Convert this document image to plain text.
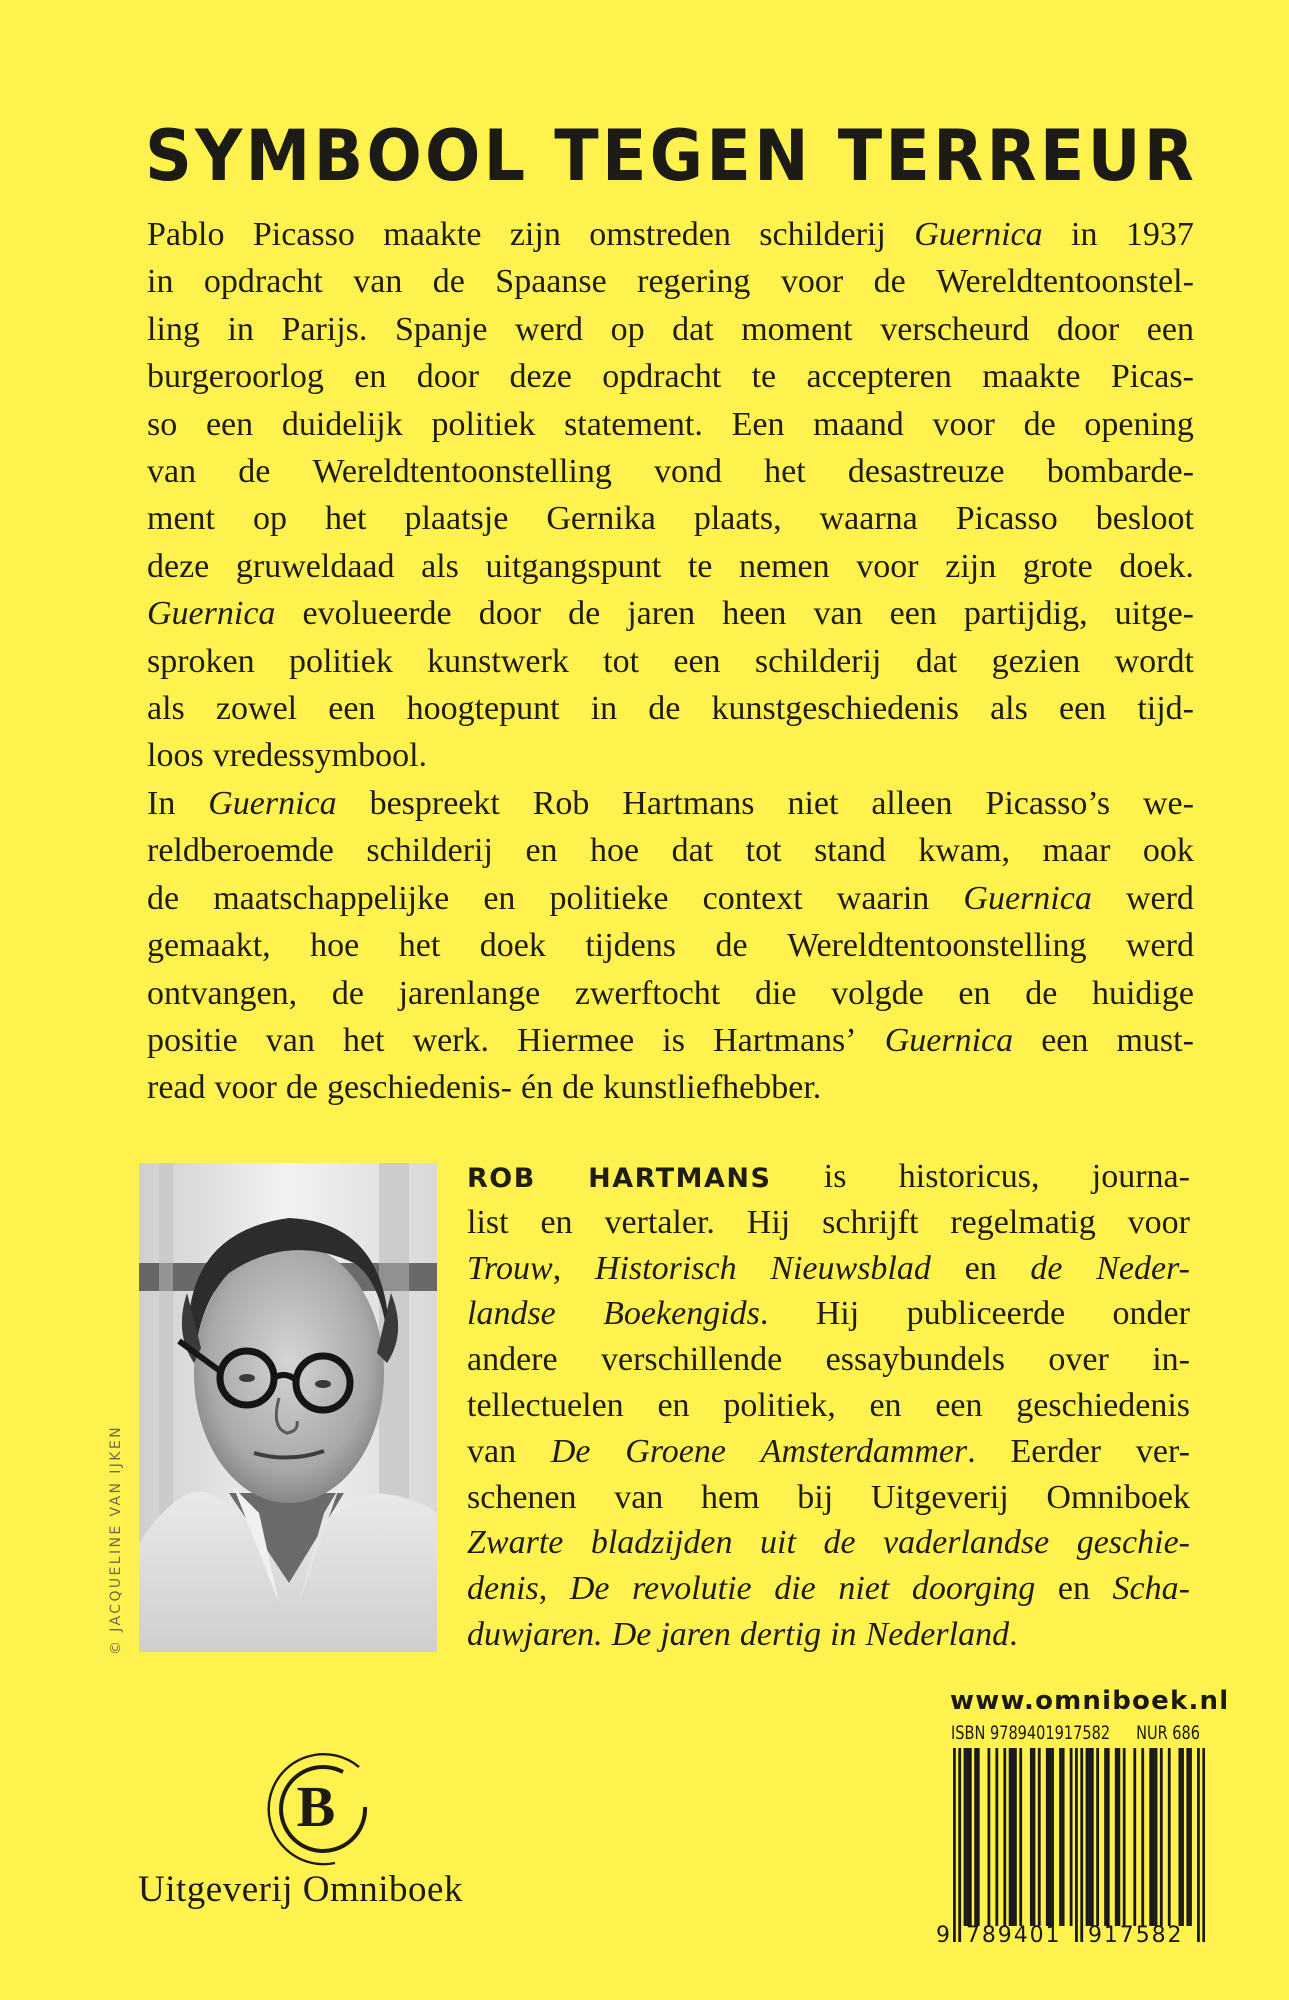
SYMBOOL TEGEN TERREUR
Pablo Picasso maakte zijn omstreden schilderij Guernica in 1937
in opdracht van de Spaanse regering voor de Wereldtentoonstel-
ling in Parijs. Spanje werd op dat moment verscheurd door een
burgeroorlog en door deze opdracht te accepteren maakte Picas-
so een duidelijk politiek statement. Een maand voor de opening
van de Wereldtentoonstelling vond het desastreuze bombarde-
ment op het plaatsje Gernika plaats, waarna Picasso besloot
deze gruweldaad als uitgangspunt te nemen voor zijn grote doek.
Guernica evolueerde door de jaren heen van een partijdig, uitge-
sproken politiek kunstwerk tot een schilderij dat gezien wordt
als zowel een hoogtepunt in de kunstgeschiedenis als een tijd-
loos vredessymbool.
In Guernica bespreekt Rob Hartmans niet alleen Picasso’s we-
reldberoemde schilderij en hoe dat tot stand kwam, maar ook
de maatschappelijke en politieke context waarin Guernica werd
gemaakt, hoe het doek tijdens de Wereldtentoonstelling werd
ontvangen, de jarenlange zwerftocht die volgde en de huidige
positie van het werk. Hiermee is Hartmans’ Guernica een must-
read voor de geschiedenis- én de kunstliefhebber.
© JACQUELINE VAN IJKEN
ROB HARTMANS is historicus, journa-
list en vertaler. Hij schrijft regelmatig voor
Trouw, Historisch Nieuwsblad en de Neder-
landse Boekengids. Hij publiceerde onder
andere verschillende essaybundels over in-
tellectuelen en politiek, en een geschiedenis
van De Groene Amsterdammer. Eerder ver-
schenen van hem bij Uitgeverij Omniboek
Zwarte bladzijden uit de vaderlandse geschie-
denis, De revolutie die niet doorging en Scha-
duwjaren. De jaren dertig in Nederland.
B
Uitgeverij Omniboek
www.omniboek.nl
ISBN 9789401917582 NUR 686
9 789401 917582
